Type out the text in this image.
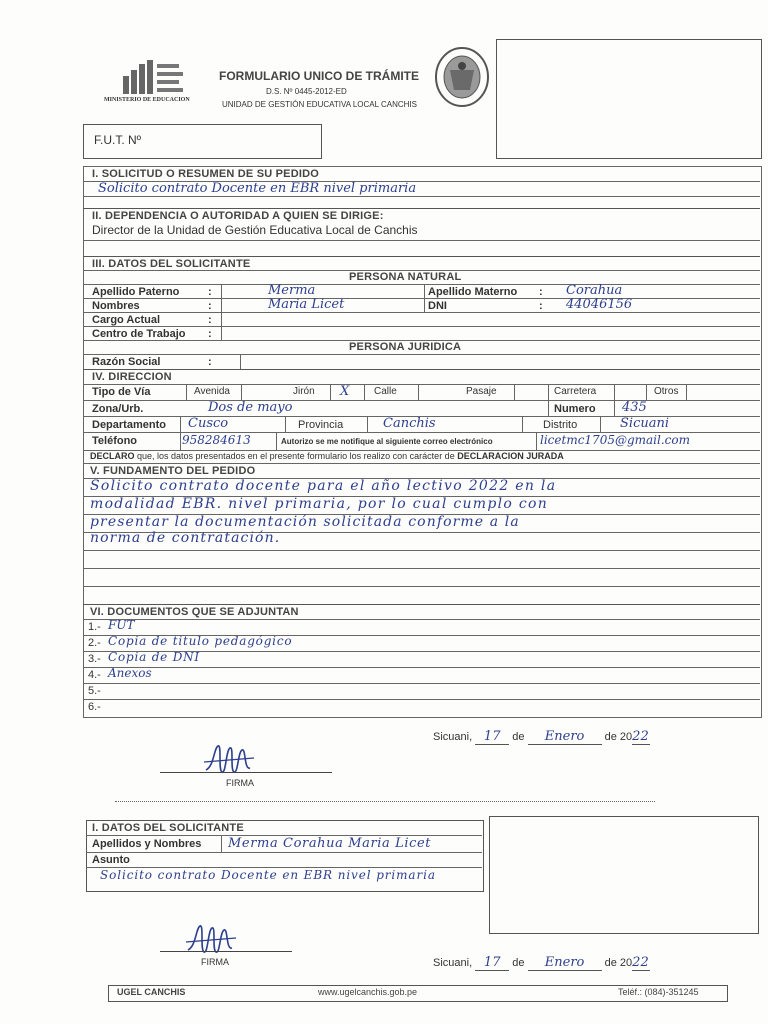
MINISTERIO DE EDUCACION
FORMULARIO UNICO DE TRÁMITE
D.S. Nº 0445-2012-ED
UNIDAD DE GESTIÓN EDUCATIVA LOCAL CANCHIS
F.U.T. Nº
I. SOLICITUD O RESUMEN DE SU PEDIDO
Solicito contrato Docente en EBR nivel primaria
II. DEPENDENCIA O AUTORIDAD A QUIEN SE DIRIGE:
Director de la Unidad de Gestión Educativa Local de Canchis
III. DATOS DEL SOLICITANTE
PERSONA NATURAL
Apellido Paterno	:	Merma	Apellido Materno : Corahua
Nombres	:	Maria Licet	DNI	: 44046156
Cargo Actual	:
Centro de Trabajo :
PERSONA JURIDICA
Razón Social	:
IV. DIRECCION
Tipo de Vía	Avenida	Jirón X Calle	Pasaje	Carretera	Otros
Zona/Urb.	Dos de mayo	Numero 435
Departamento Cusco	Provincia	Canchis	Distrito	Sicuani
Teléfono	958284613	Autorizo se me notifique al siguiente correo electrónico	licetmc1705@gmail.com
DECLARO que, los datos presentados en el presente formulario los realizo con carácter de DECLARACION JURADA
V. FUNDAMENTO DEL PEDIDO
Solicito contrato docente para el año lectivo 2022 en la
modalidad EBR. nivel primaria, por lo cual cumplo con
presentar la documentación solicitada conforme a la
norma de contratación.
VI. DOCUMENTOS QUE SE ADJUNTAN
1.- FUT
2.- Copia de titulo pedagógico
3.- Copia de DNI
4.- Anexos
5.-
6.-
Sicuani, 17 de Enero de 2022
FIRMA
I. DATOS DEL SOLICITANTE
Apellidos y Nombres Merma Corahua Maria Licet
Asunto
Solicito contrato Docente en EBR nivel primaria
FIRMA	Sicuani, 17 de Enero de 2022
UGEL CANCHIS	www.ugelcanchis.gob.pe	Teléf.: (084)-351245
